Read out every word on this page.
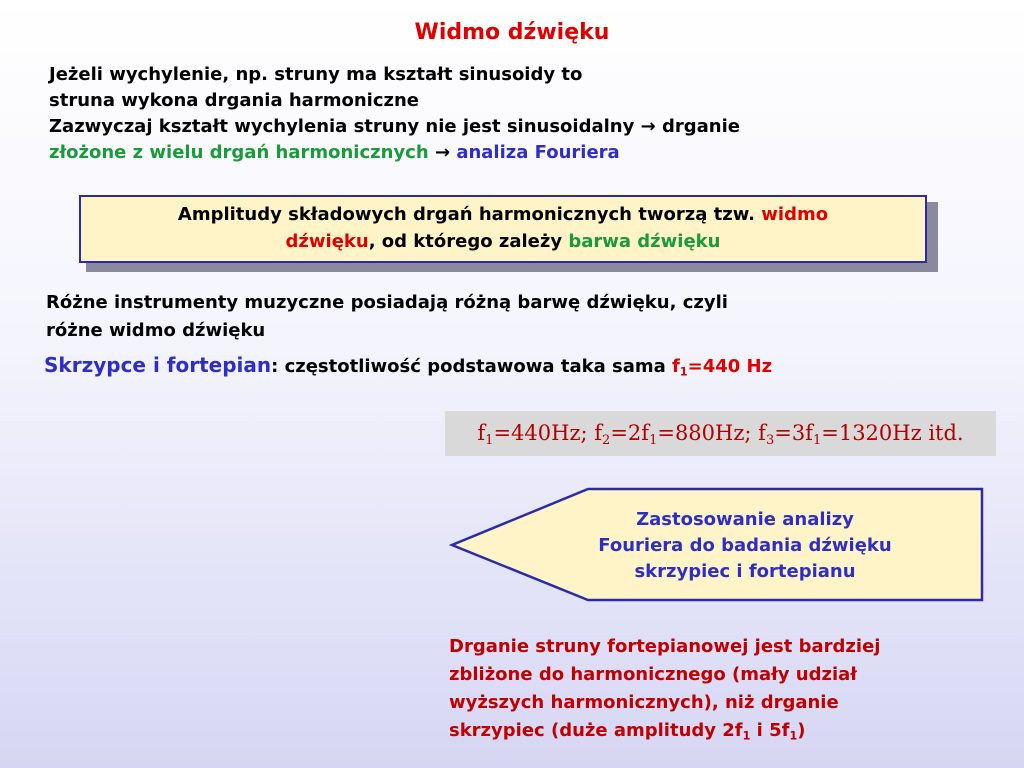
Widmo dźwięku
Jeżeli wychylenie, np. struny ma kształt sinusoidy to
struna wykona drgania harmoniczne
Zazwyczaj kształt wychylenia struny nie jest sinusoidalny → drganie
złożone z wielu drgań harmonicznych → analiza Fouriera
Amplitudy składowych drgań harmonicznych tworzą tzw. widmo
dźwięku, od którego zależy barwa dźwięku
Różne instrumenty muzyczne posiadają różną barwę dźwięku, czyli
różne widmo dźwięku
Skrzypce i fortepian: częstotliwość podstawowa taka sama $f_1=440$ Hz
$f_1=440Hz$; $f_2=2f_1=880Hz$; $f_3=3f_1=1320Hz$ itd.
Zastosowanie analizy
Fouriera do badania dźwięku
skrzypiec i fortepianu
Drganie struny fortepianowej jest bardziej
zbliżone do harmonicznego (mały udział
wyższych harmonicznych), niż drganie
skrzypiec (duże amplitudy $2f_1$ i $5f_1$)
